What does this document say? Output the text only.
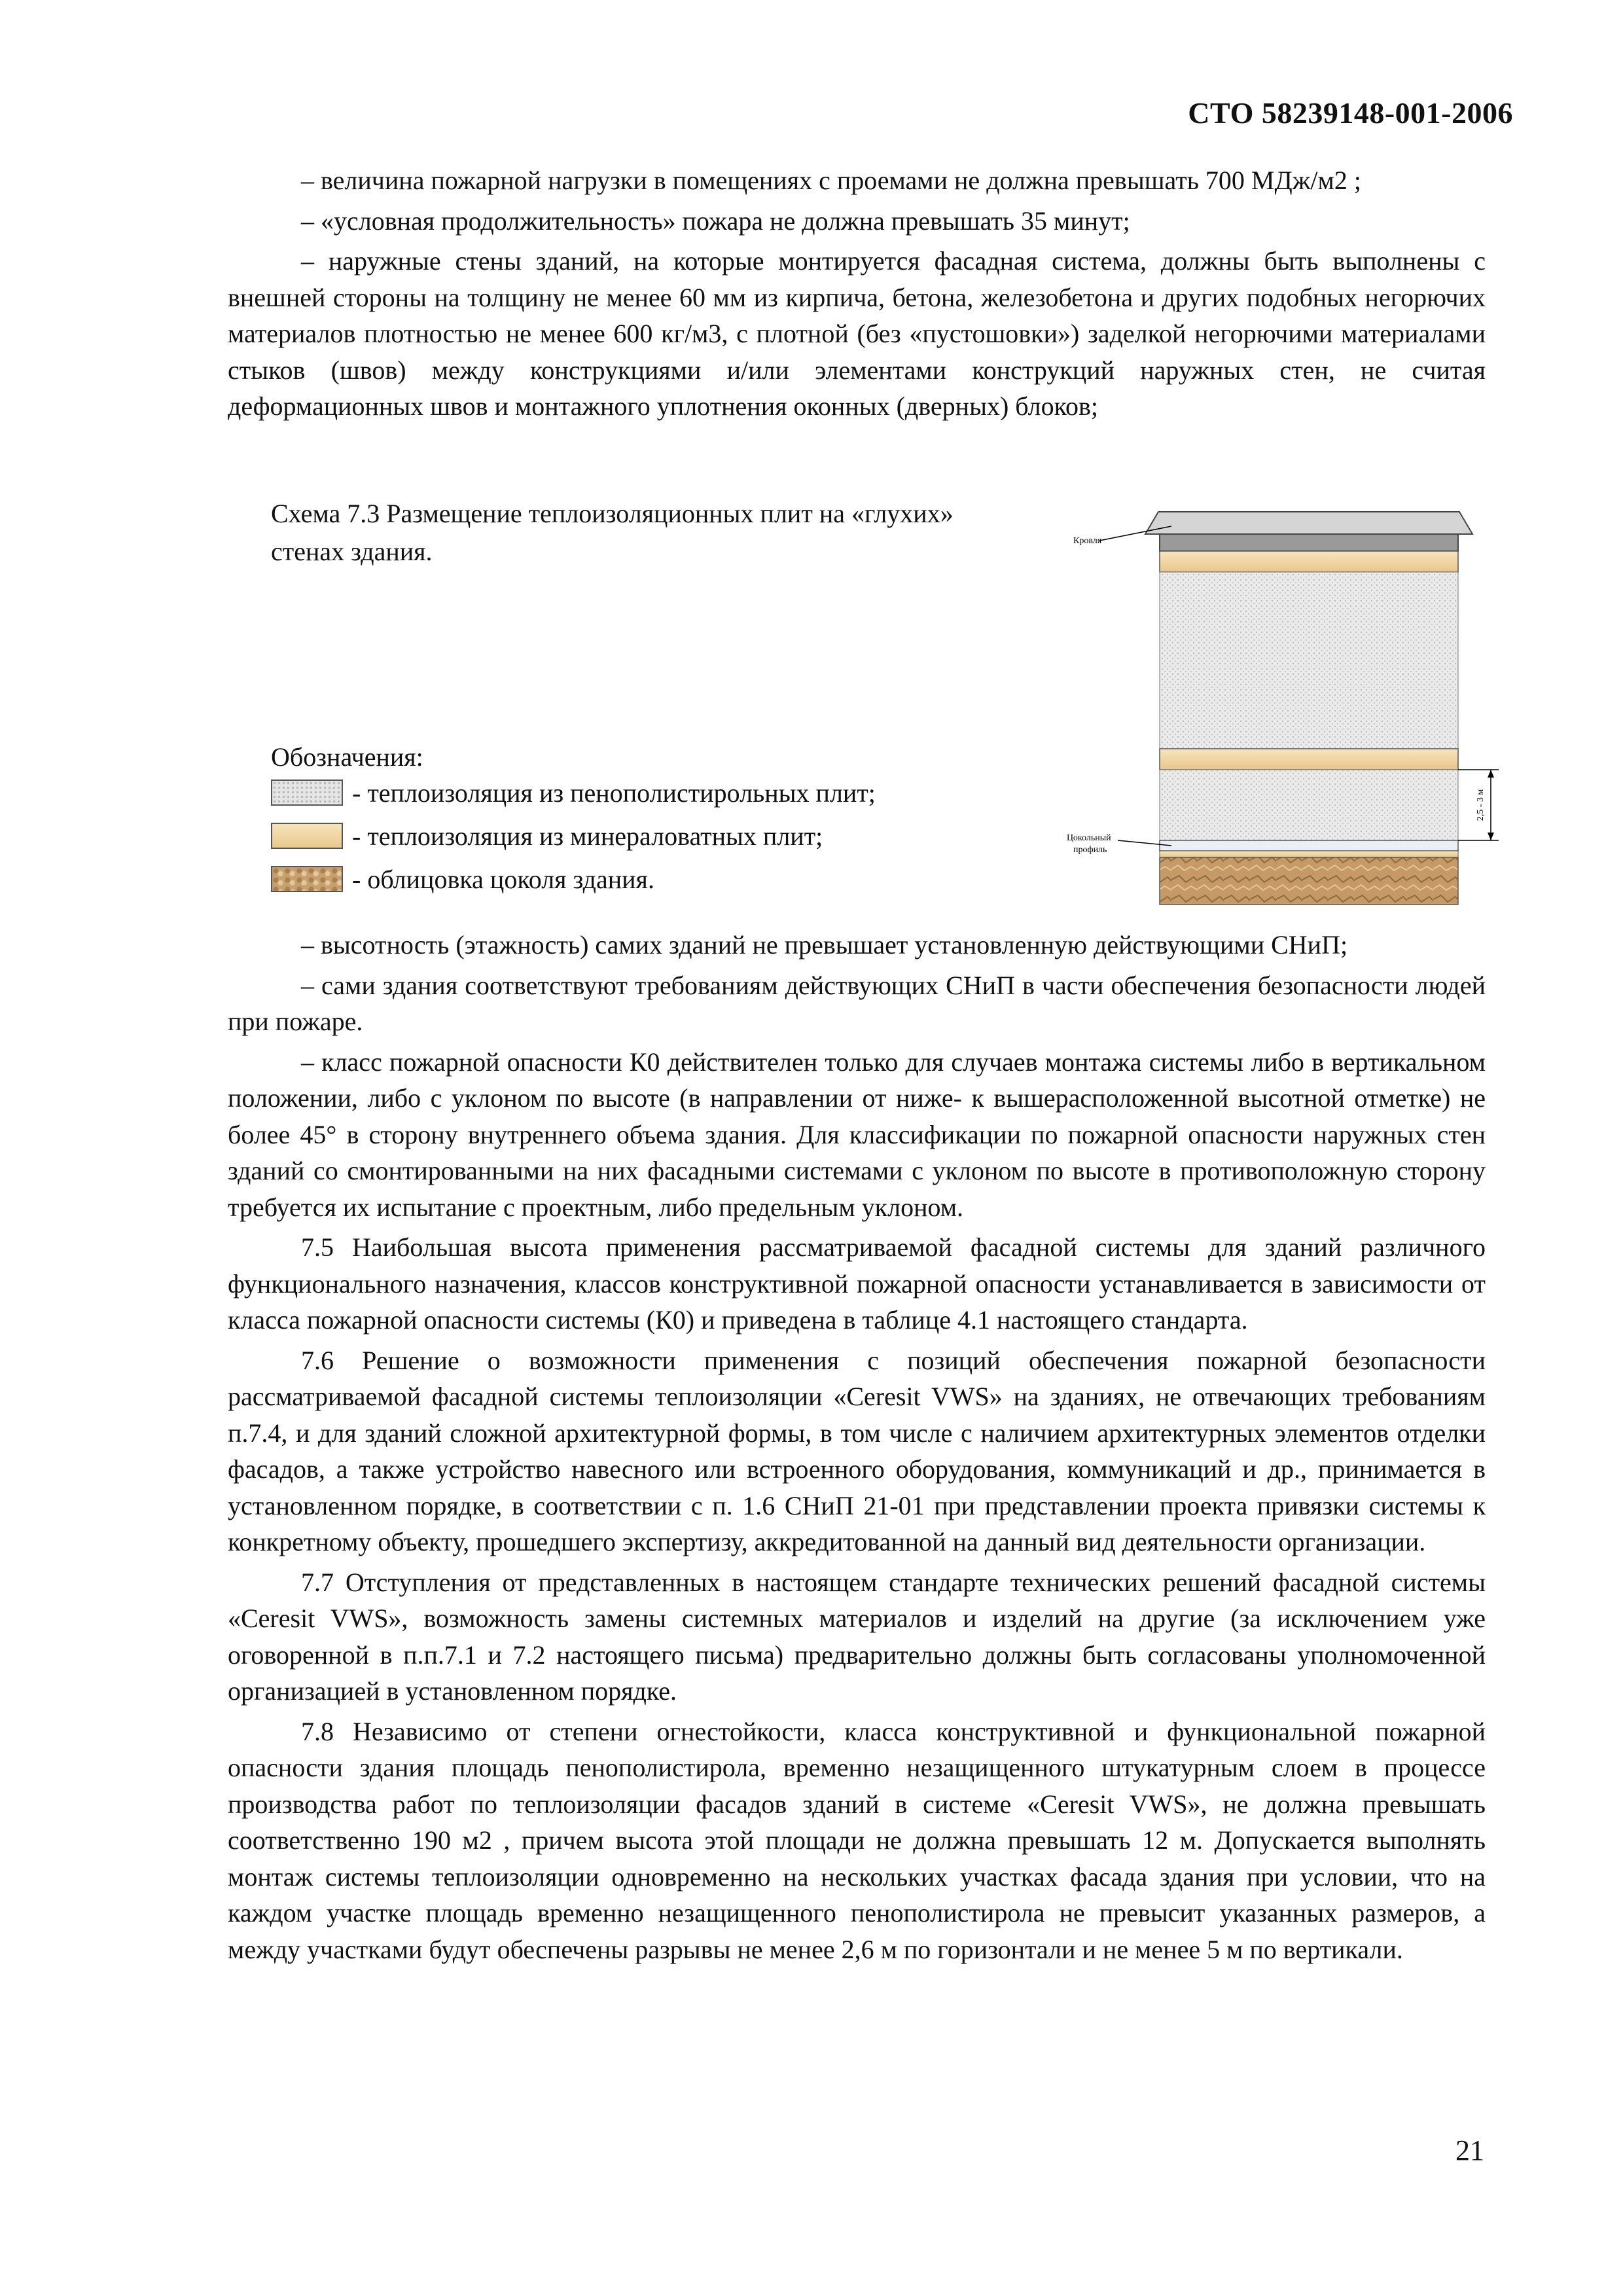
СТО 58239148-001-2006

– величина пожарной нагрузки в помещениях с проемами не должна превышать 700 МДж/м2 ;

– «условная продолжительность» пожара не должна превышать 35 минут;

– наружные стены зданий, на которые монтируется фасадная система, должны быть выполнены с внешней стороны на толщину не менее 60 мм из кирпича, бетона, железобетона и других подобных негорючих материалов плотностью не менее 600 кг/м3, с плотной (без «пустошовки») заделкой негорючими материалами стыков (швов) между конструкциями и/или элементами конструкций наружных стен, не считая деформационных швов и монтажного уплотнения оконных (дверных) блоков;

Схема 7.3 Размещение теплоизоляционных плит на «глухих» стенах здания.
Обозначения:
- теплоизоляция из пенополистирольных плит;
- теплоизоляция из минераловатных плит;
- облицовка цоколя здания.
Кровля
Цокольный
профиль
2,5 - 3 м

– высотность (этажность) самих зданий не превышает установленную действующими СНиП;

– сами здания соответствуют требованиям действующих СНиП в части обеспечения безопасности людей при пожаре.

– класс пожарной опасности К0 действителен только для случаев монтажа системы либо в вертикальном положении, либо с уклоном по высоте (в направлении от ниже- к вышерасположенной высотной отметке) не более 45° в сторону внутреннего объема здания. Для классификации по пожарной опасности наружных стен зданий со смонтированными на них фасадными системами с уклоном по высоте в противоположную сторону требуется их испытание с проектным, либо предельным уклоном.

7.5 Наибольшая высота применения рассматриваемой фасадной системы для зданий различного функционального назначения, классов конструктивной пожарной опасности устанавливается в зависимости от класса пожарной опасности системы (К0) и приведена в таблице 4.1 настоящего стандарта.

7.6 Решение о возможности применения с позиций обеспечения пожарной безопасности рассматриваемой фасадной системы теплоизоляции «Ceresit VWS» на зданиях, не отвечающих требованиям п.7.4, и для зданий сложной архитектурной формы, в том числе с наличием архитектурных элементов отделки фасадов, а также устройство навесного или встроенного оборудования, коммуникаций и др., принимается в установленном порядке, в соответствии с п. 1.6 СНиП 21-01 при представлении проекта привязки системы к конкретному объекту, прошедшего экспертизу, аккредитованной на данный вид деятельности организации.

7.7 Отступления от представленных в настоящем стандарте технических решений фасадной системы «Ceresit VWS», возможность замены системных материалов и изделий на другие (за исключением уже оговоренной в п.п.7.1 и 7.2 настоящего письма) предварительно должны быть согласованы уполномоченной организацией в установленном порядке.

7.8 Независимо от степени огнестойкости, класса конструктивной и функциональной пожарной опасности здания площадь пенополистирола, временно незащищенного штукатурным слоем в процессе производства работ по теплоизоляции фасадов зданий в системе «Ceresit VWS», не должна превышать соответственно 190 м2 , причем высота этой площади не должна превышать 12 м. Допускается выполнять монтаж системы теплоизоляции одновременно на нескольких участках фасада здания при условии, что на каждом участке площадь временно незащищенного пенополистирола не превысит указанных размеров, а между участками будут обеспечены разрывы не менее 2,6 м по горизонтали и не менее 5 м по вертикали.

21
